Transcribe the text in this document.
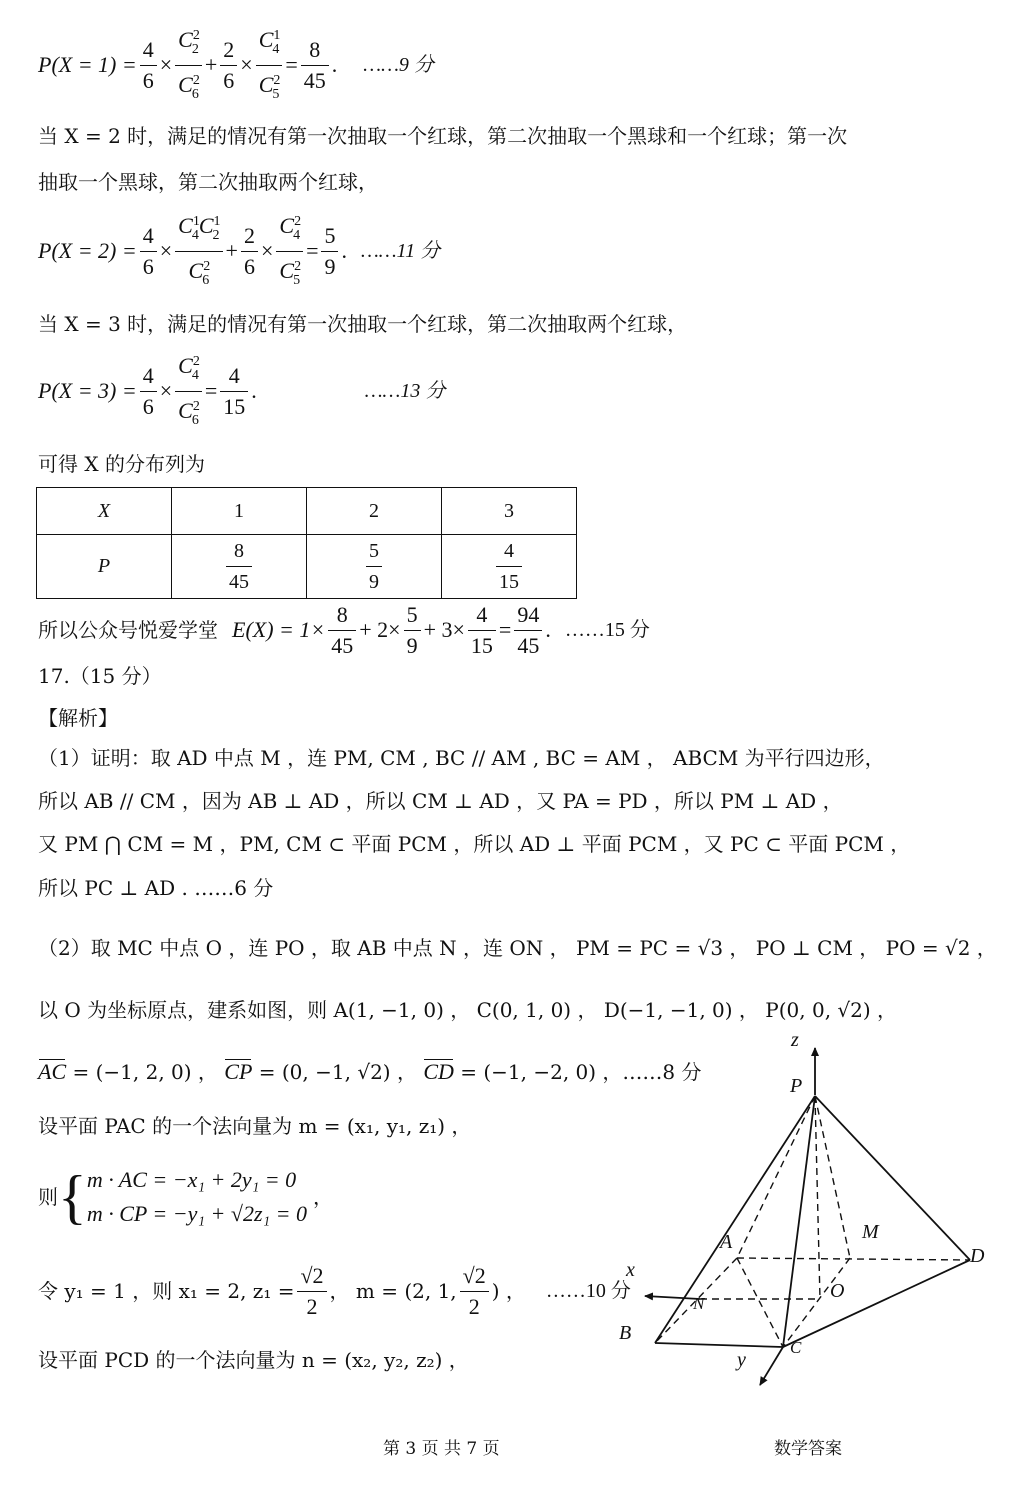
$P(X = 1) = \frac{4}{6} \times \frac{C^2_2}{C^2_6} + \frac{2}{6} \times \frac{C^1_4}{C^2_5} = \frac{8}{45}$ . ……9 分
当 X = 2 时，满足的情况有第一次抽取一个红球，第二次抽取一个黑球和一个红球；第一次
抽取一个黑球，第二次抽取两个红球，
$P(X = 2) = \frac{4}{6} \times \frac{C^1_4C^1_2}{C^2_6} + \frac{2}{6} \times \frac{C^2_4}{C^2_5} = \frac{5}{9}$ . ……11 分
当 X = 3 时，满足的情况有第一次抽取一个红球，第二次抽取两个红球，
$P(X = 3) = \frac{4}{6} \times \frac{C^2_4}{C^2_6} = \frac{4}{15}$ .	……13 分
可得 X 的分布列为
X	1	2	3
P	$\frac{8}{45}$	$\frac{5}{9}$	$\frac{4}{15}$
所以公众号悦爱学堂 $E(X) = 1\times \frac{8}{45} + 2\times \frac{5}{9} + 3\times \frac{4}{15} = \frac{94}{45}$ . ……15 分
17.（15 分）
【解析】
（1）证明：取 AD 中点 M ，连 PM, CM , BC // AM , BC = AM ， ABCM 为平行四边形，
所以 AB // CM ，因为 AB ⊥ AD ，所以 CM ⊥ AD ，又 PA = PD ，所以 PM ⊥ AD ，
又 PM ⋂ CM = M ，PM, CM ⊂ 平面 PCM ，所以 AD ⊥ 平面 PCM ，又 PC ⊂ 平面 PCM ，
所以 PC ⊥ AD . ……6 分
（2）取 MC 中点 O ，连 PO ，取 AB 中点 N ，连 ON ， PM = PC = √3 ， PO ⊥ CM ， PO = √2 ，
以 O 为坐标原点，建系如图，则 A(1, −1, 0) ， C(0, 1, 0) ， D(−1, −1, 0) ， P(0, 0, √2) ，
AC = (−1, 2, 0) ， CP = (0, −1, √2) ， CD = (−1, −2, 0) ，……8 分
设平面 PAC 的一个法向量为 m = (x₁, y₁, z₁) ，
则 { m · AC = −x₁ + 2y₁ = 0
m · CP = −y₁ + √2z₁ = 0
，
令 y₁ = 1 ，则 x₁ = 2, $z_1 = \frac{√2}{2}$ ， m = (2, 1, $\frac{√2}{2}$ ) ， ……10 分
设平面 PCD 的一个法向量为 n = (x₂, y₂, z₂) ，
z
P
A	M
D
x
N
O
B
C
y
第 3 页 共 7 页	数学答案
